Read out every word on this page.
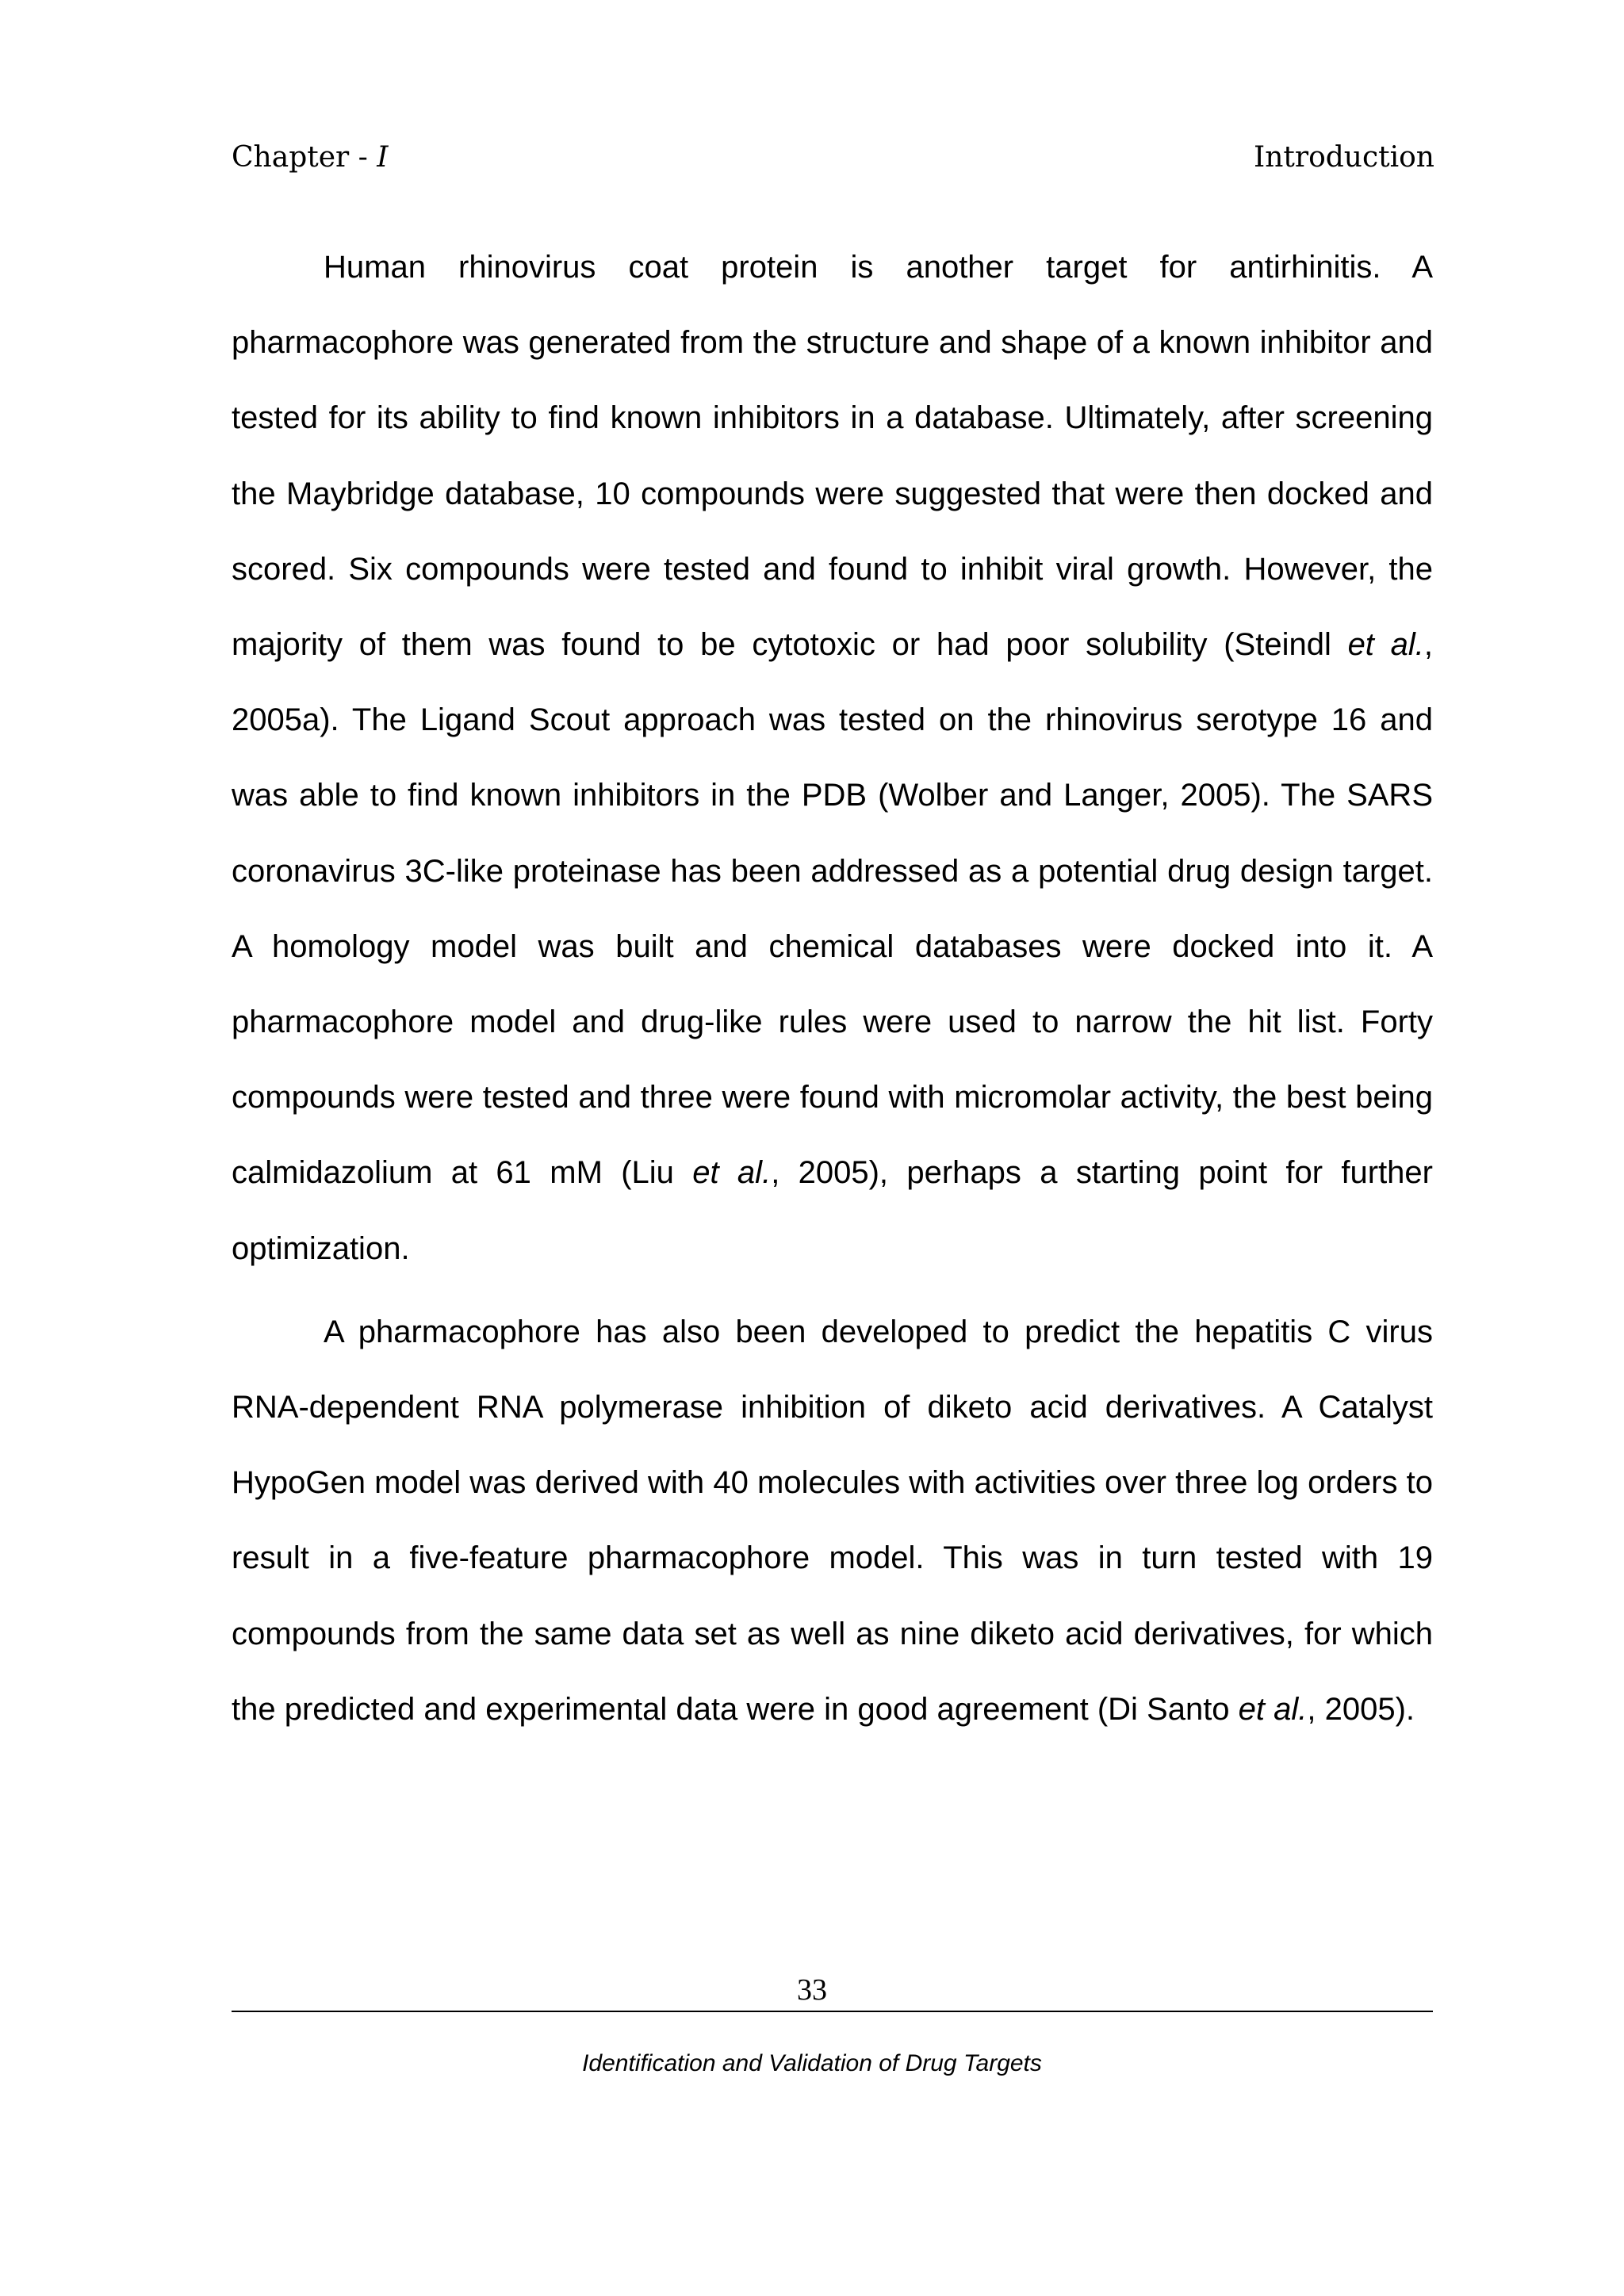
Chapter - I	Introduction

Human rhinovirus coat protein is another target for antirhinitis. A pharmacophore was generated from the structure and shape of a known inhibitor and tested for its ability to find known inhibitors in a database. Ultimately, after screening the Maybridge database, 10 compounds were suggested that were then docked and scored. Six compounds were tested and found to inhibit viral growth. However, the majority of them was found to be cytotoxic or had poor solubility (Steindl et al., 2005a). The Ligand Scout approach was tested on the rhinovirus serotype 16 and was able to find known inhibitors in the PDB (Wolber and Langer, 2005). The SARS coronavirus 3C-like proteinase has been addressed as a potential drug design target. A homology model was built and chemical databases were docked into it. A pharmacophore model and drug-like rules were used to narrow the hit list. Forty compounds were tested and three were found with micromolar activity, the best being calmidazolium at 61 mM (Liu et al., 2005), perhaps a starting point for further optimization.

A pharmacophore has also been developed to predict the hepatitis C virus RNA-dependent RNA polymerase inhibition of diketo acid derivatives. A Catalyst HypoGen model was derived with 40 molecules with activities over three log orders to result in a five-feature pharmacophore model. This was in turn tested with 19 compounds from the same data set as well as nine diketo acid derivatives, for which the predicted and experimental data were in good agreement (Di Santo et al., 2005).

33
Identification and Validation of Drug Targets
